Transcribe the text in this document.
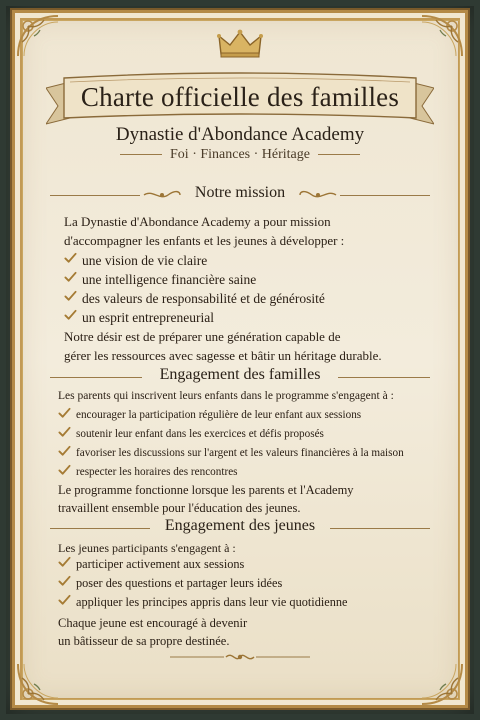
Charte officielle des familles
Dynastie d'Abondance Academy
Foi · Finances · Héritage
Notre mission
La Dynastie d'Abondance Academy a pour mission
d'accompagner les enfants et les jeunes à développer :
une vision de vie claire
une intelligence financière saine
des valeurs de responsabilité et de générosité
un esprit entrepreneurial
Notre désir est de préparer une génération capable de
gérer les ressources avec sagesse et bâtir un héritage durable.
Engagement des familles
Les parents qui inscrivent leurs enfants dans le programme s'engagent à :
encourager la participation régulière de leur enfant aux sessions
soutenir leur enfant dans les exercices et défis proposés
favoriser les discussions sur l'argent et les valeurs financières à la maison
respecter les horaires des rencontres
Le programme fonctionne lorsque les parents et l'Academy
travaillent ensemble pour l'éducation des jeunes.
Engagement des jeunes
Les jeunes participants s'engagent à :
participer activement aux sessions
poser des questions et partager leurs idées
appliquer les principes appris dans leur vie quotidienne
Chaque jeune est encouragé à devenir
un bâtisseur de sa propre destinée.
